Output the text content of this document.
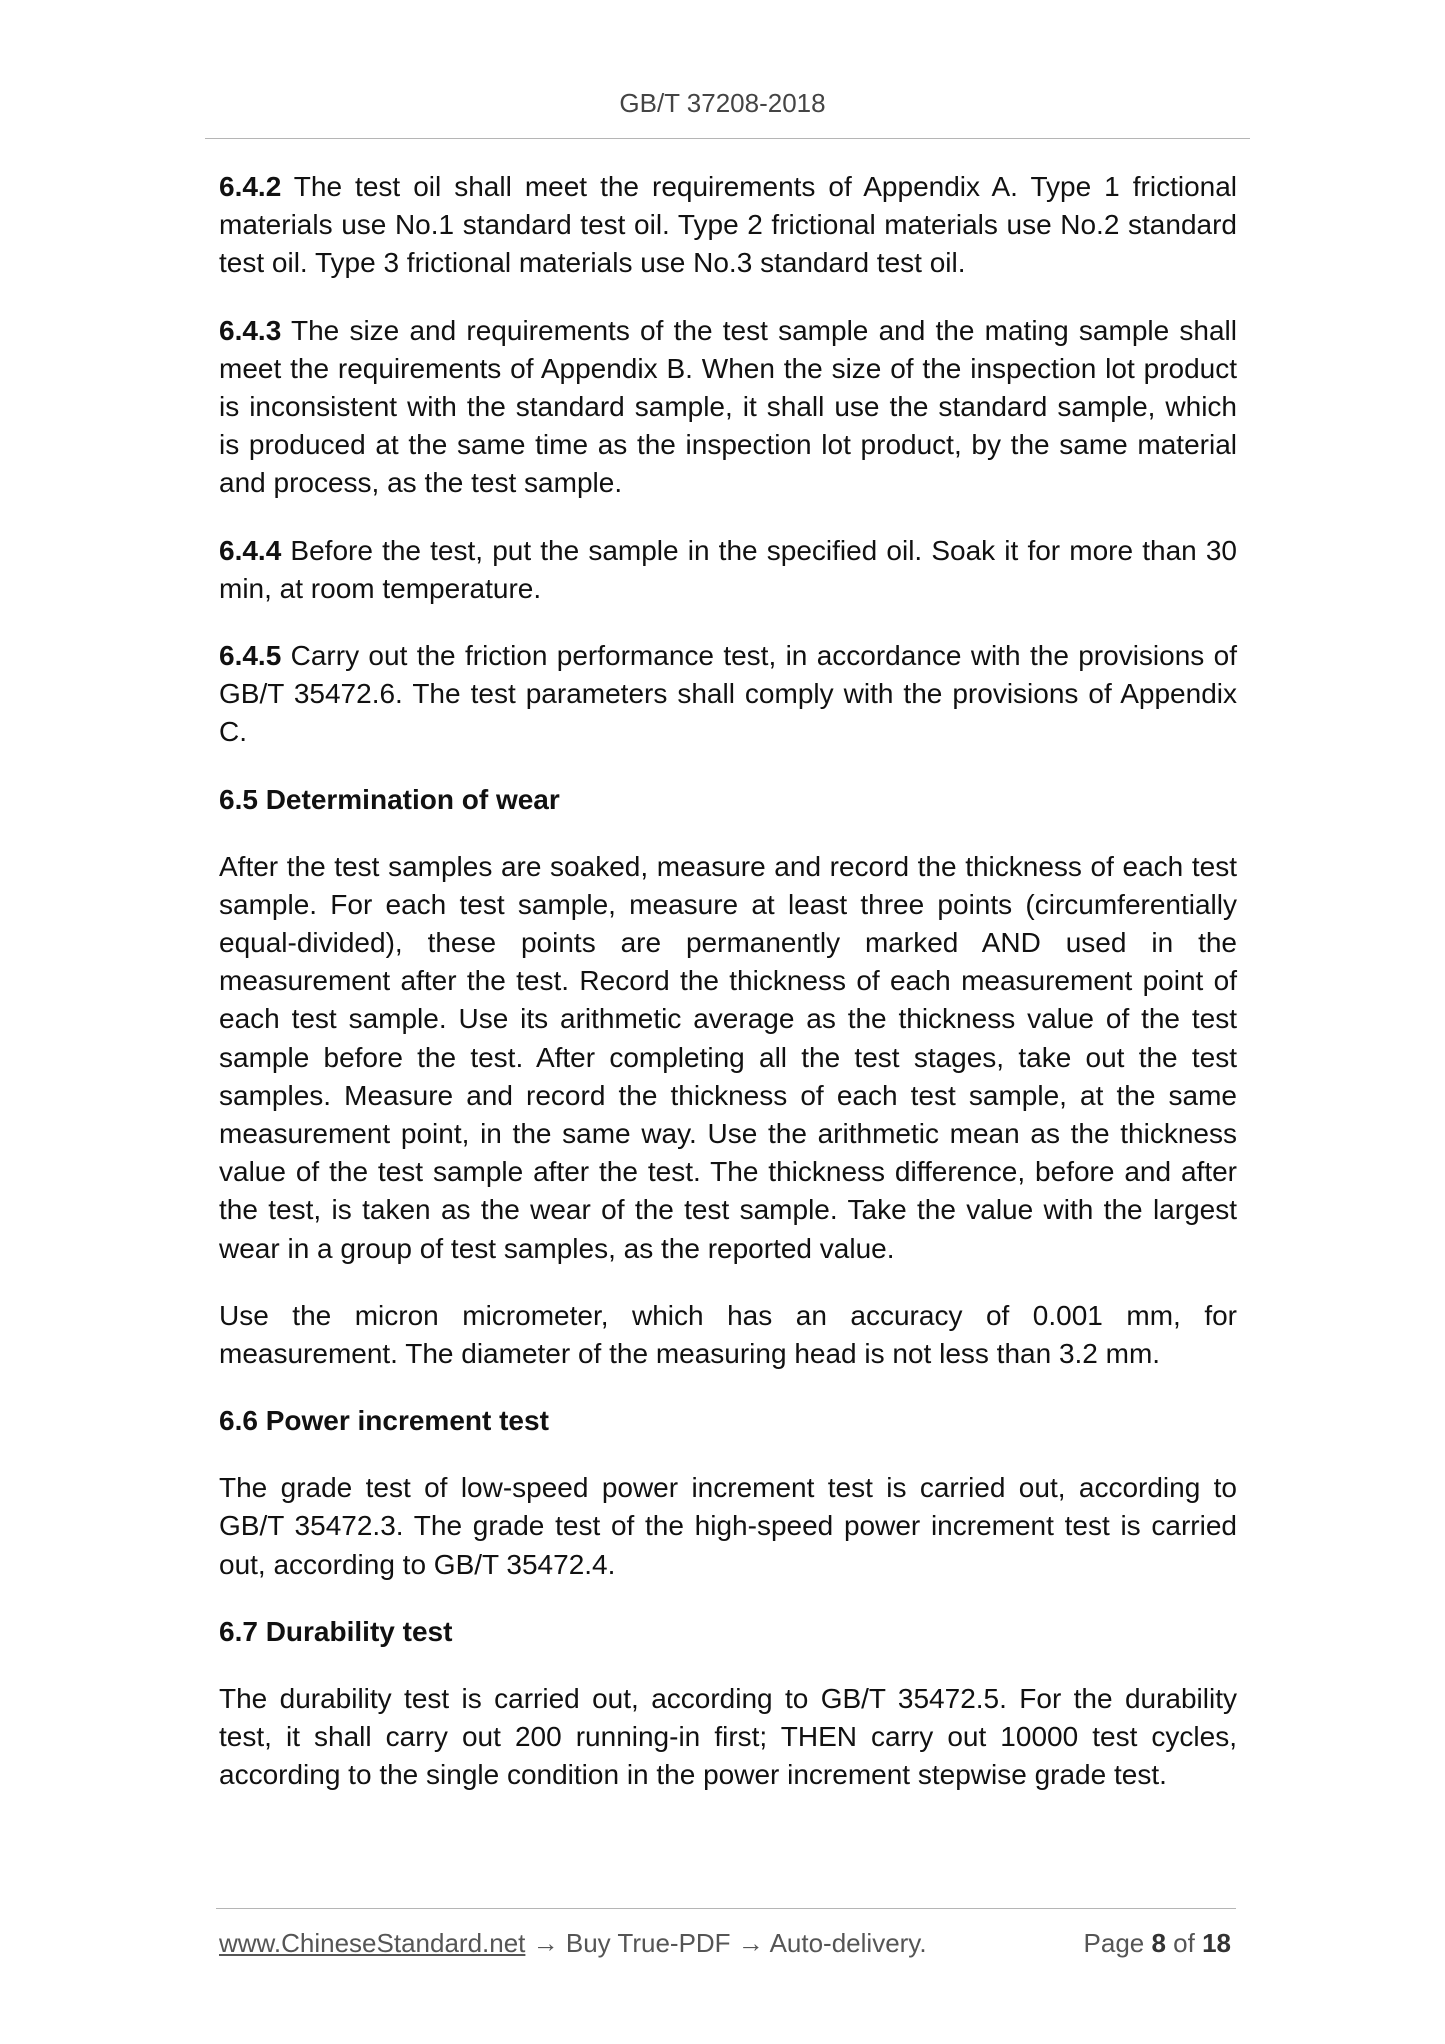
GB/T 37208-2018

6.4.2 The test oil shall meet the requirements of Appendix A. Type 1 frictional materials use No.1 standard test oil. Type 2 frictional materials use No.2 standard test oil. Type 3 frictional materials use No.3 standard test oil.

6.4.3 The size and requirements of the test sample and the mating sample shall meet the requirements of Appendix B. When the size of the inspection lot product is inconsistent with the standard sample, it shall use the standard sample, which is produced at the same time as the inspection lot product, by the same material and process, as the test sample.

6.4.4 Before the test, put the sample in the specified oil. Soak it for more than 30 min, at room temperature.

6.4.5 Carry out the friction performance test, in accordance with the provisions of GB/T 35472.6. The test parameters shall comply with the provisions of Appendix C.

6.5 Determination of wear

After the test samples are soaked, measure and record the thickness of each test sample. For each test sample, measure at least three points (circumferentially equal-divided), these points are permanently marked AND used in the measurement after the test. Record the thickness of each measurement point of each test sample. Use its arithmetic average as the thickness value of the test sample before the test. After completing all the test stages, take out the test samples. Measure and record the thickness of each test sample, at the same measurement point, in the same way. Use the arithmetic mean as the thickness value of the test sample after the test. The thickness difference, before and after the test, is taken as the wear of the test sample. Take the value with the largest wear in a group of test samples, as the reported value.

Use the micron micrometer, which has an accuracy of 0.001 mm, for measurement. The diameter of the measuring head is not less than 3.2 mm.

6.6 Power increment test

The grade test of low-speed power increment test is carried out, according to GB/T 35472.3. The grade test of the high-speed power increment test is carried out, according to GB/T 35472.4.

6.7 Durability test

The durability test is carried out, according to GB/T 35472.5. For the durability test, it shall carry out 200 running-in first; THEN carry out 10000 test cycles, according to the single condition in the power increment stepwise grade test.

www.ChineseStandard.net → Buy True-PDF → Auto-delivery.	Page 8 of 18
